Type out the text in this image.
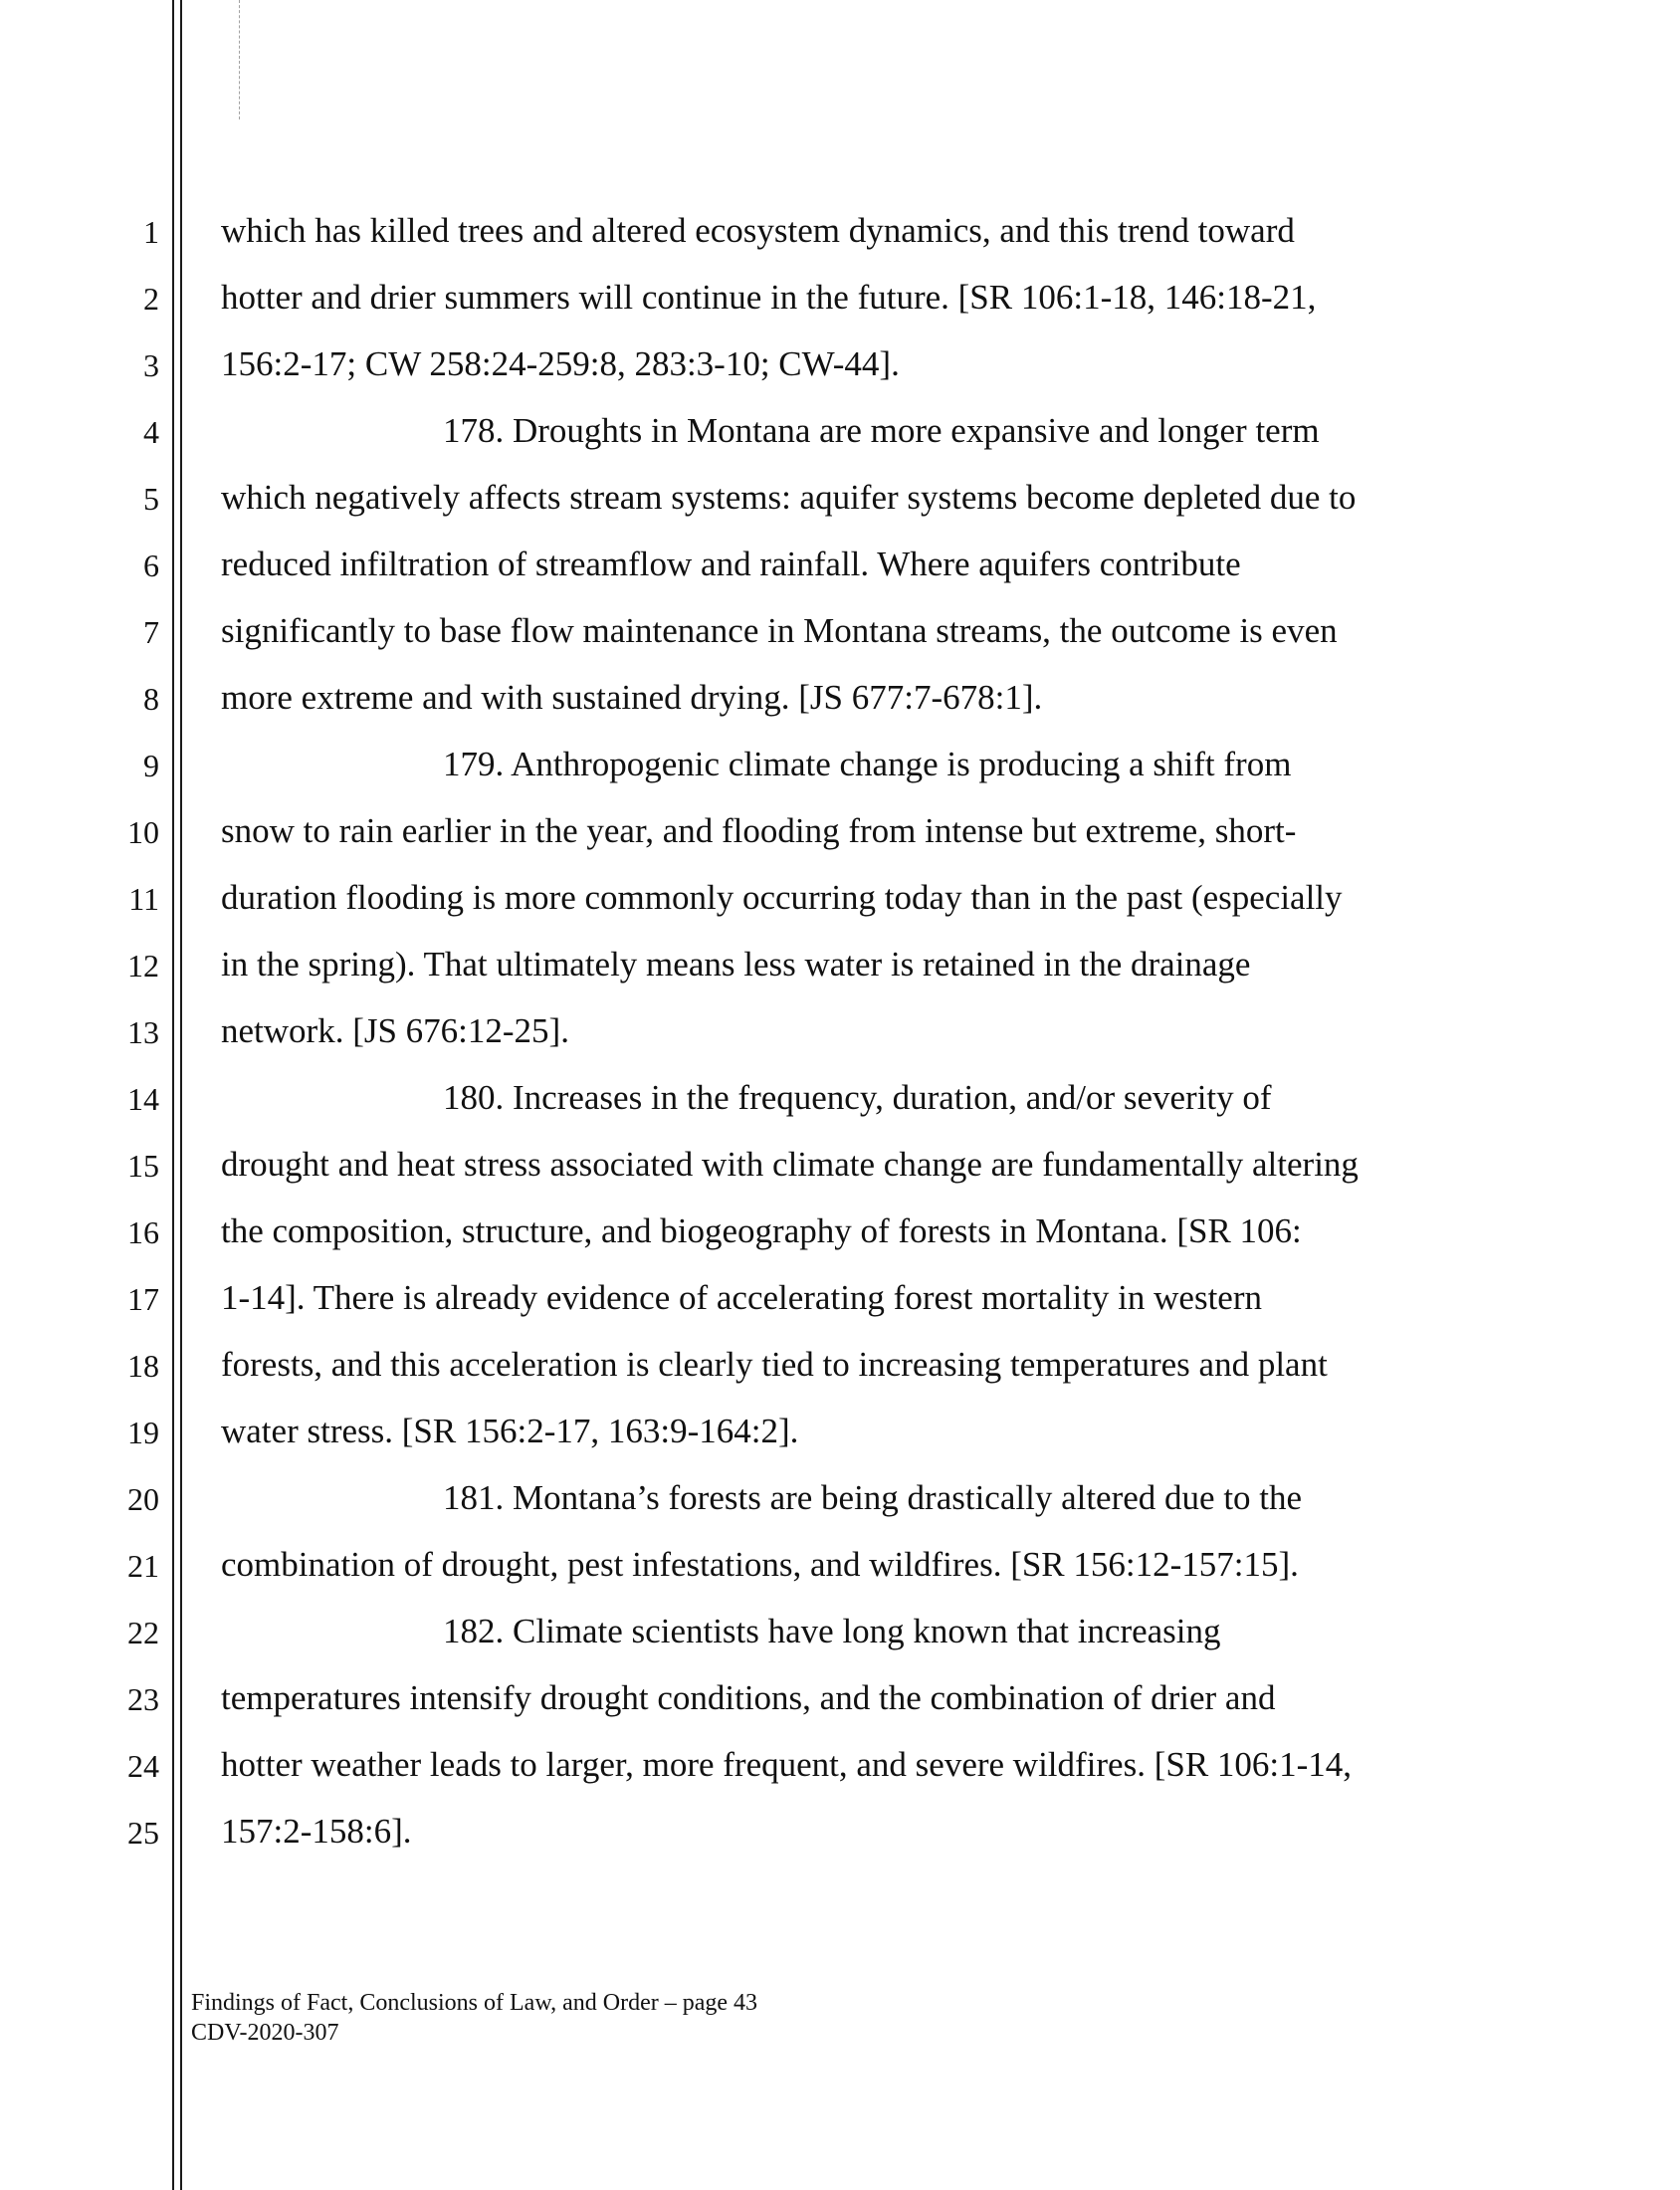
1
2
3
4
5
6
7
8
9
10
11
12
13
14
15
16
17
18
19
20
21
22
23
24
25
which has killed trees and altered ecosystem dynamics, and this trend toward
hotter and drier summers will continue in the future. [SR 106:1-18, 146:18-21,
156:2-17; CW 258:24-259:8, 283:3-10; CW-44].
178. Droughts in Montana are more expansive and longer term
which negatively affects stream systems: aquifer systems become depleted due to
reduced infiltration of streamflow and rainfall. Where aquifers contribute
significantly to base flow maintenance in Montana streams, the outcome is even
more extreme and with sustained drying. [JS 677:7-678:1].
179. Anthropogenic climate change is producing a shift from
snow to rain earlier in the year, and flooding from intense but extreme, short-
duration flooding is more commonly occurring today than in the past (especially
in the spring). That ultimately means less water is retained in the drainage
network. [JS 676:12-25].
180. Increases in the frequency, duration, and/or severity of
drought and heat stress associated with climate change are fundamentally altering
the composition, structure, and biogeography of forests in Montana. [SR 106:
1-14]. There is already evidence of accelerating forest mortality in western
forests, and this acceleration is clearly tied to increasing temperatures and plant
water stress. [SR 156:2-17, 163:9-164:2].
181. Montana’s forests are being drastically altered due to the
combination of drought, pest infestations, and wildfires. [SR 156:12-157:15].
182. Climate scientists have long known that increasing
temperatures intensify drought conditions, and the combination of drier and
hotter weather leads to larger, more frequent, and severe wildfires. [SR 106:1-14,
157:2-158:6].
Findings of Fact, Conclusions of Law, and Order – page 43
CDV-2020-307
